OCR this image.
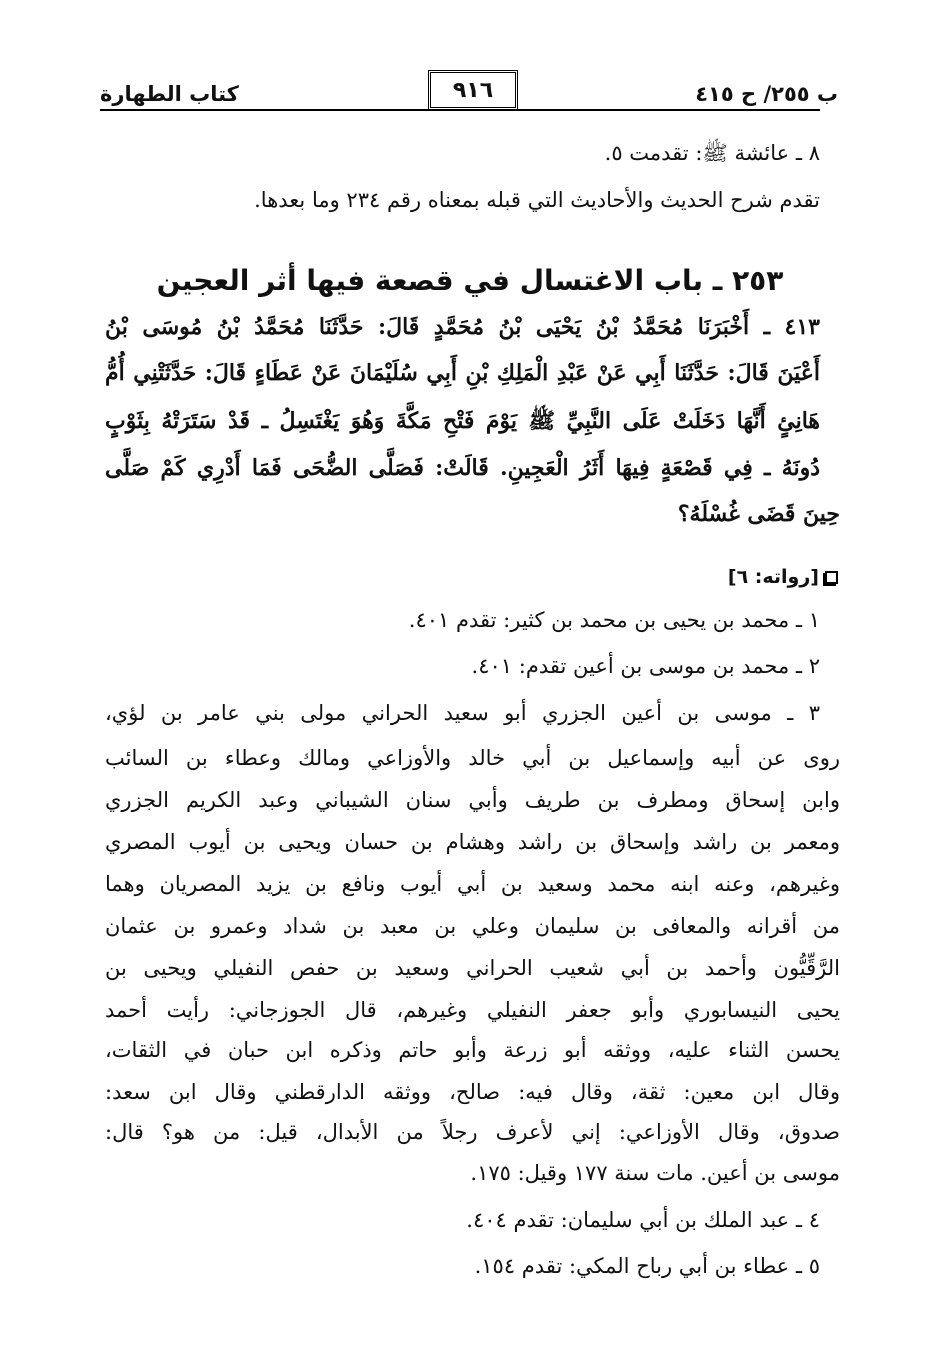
ب ٢٥٥/ ح ٤١٥
٩١٦
كتاب الطهارة
٨ ـ عائشة ﷺ: تقدمت ٥.
تقدم شرح الحديث والأحاديث التي قبله بمعناه رقم ٢٣٤ وما بعدها.
٢٥٣ ـ باب الاغتسال في قصعة فيها أثر العجين
٤١٣ ـ أَخْبَرَنَا مُحَمَّدُ بْنُ يَحْيَى بْنُ مُحَمَّدٍ قَالَ: حَدَّثَنَا مُحَمَّدُ بْنُ مُوسَى بْنُ
أَعْيَنَ قَالَ: حَدَّثَنَا أَبِي عَنْ عَبْدِ الْمَلِكِ بْنِ أَبِي سُلَيْمَانَ عَنْ عَطَاءٍ قَالَ: حَدَّثَتْنِي أُمُّ
هَانِئٍ أَنَّهَا دَخَلَتْ عَلَى النَّبِيِّ ﷺ يَوْمَ فَتْحِ مَكَّةَ وَهُوَ يَغْتَسِلُ ـ قَدْ سَتَرَتْهُ بِثَوْبٍ
دُونَهُ ـ فِي قَصْعَةٍ فِيهَا أَثَرُ الْعَجِينِ. قَالَتْ: فَصَلَّى الضُّحَى فَمَا أَدْرِي كَمْ صَلَّى
حِينَ قَضَى غُسْلَهُ؟
[رواته: ٦]
١ ـ محمد بن يحيى بن محمد بن كثير: تقدم ٤٠١.
٢ ـ محمد بن موسى بن أعين تقدم: ٤٠١.
٣ ـ موسى بن أعين الجزري أبو سعيد الحراني مولى بني عامر بن لؤي،
روى عن أبيه وإسماعيل بن أبي خالد والأوزاعي ومالك وعطاء بن السائب
وابن إسحاق ومطرف بن طريف وأبي سنان الشيباني وعبد الكريم الجزري
ومعمر بن راشد وإسحاق بن راشد وهشام بن حسان ويحيى بن أيوب المصري
وغيرهم، وعنه ابنه محمد وسعيد بن أبي أيوب ونافع بن يزيد المصريان وهما
من أقرانه والمعافى بن سليمان وعلي بن معبد بن شداد وعمرو بن عثمان
الرَّقِّيُّون وأحمد بن أبي شعيب الحراني وسعيد بن حفص النفيلي ويحيى بن
يحيى النيسابوري وأبو جعفر النفيلي وغيرهم، قال الجوزجاني: رأيت أحمد
يحسن الثناء عليه، ووثقه أبو زرعة وأبو حاتم وذكره ابن حبان في الثقات،
وقال ابن معين: ثقة، وقال فيه: صالح، ووثقه الدارقطني وقال ابن سعد:
صدوق، وقال الأوزاعي: إني لأعرف رجلاً من الأبدال، قيل: من هو؟ قال:
موسى بن أعين. مات سنة ١٧٧ وقيل: ١٧٥.
٤ ـ عبد الملك بن أبي سليمان: تقدم ٤٠٤.
٥ ـ عطاء بن أبي رباح المكي: تقدم ١٥٤.
